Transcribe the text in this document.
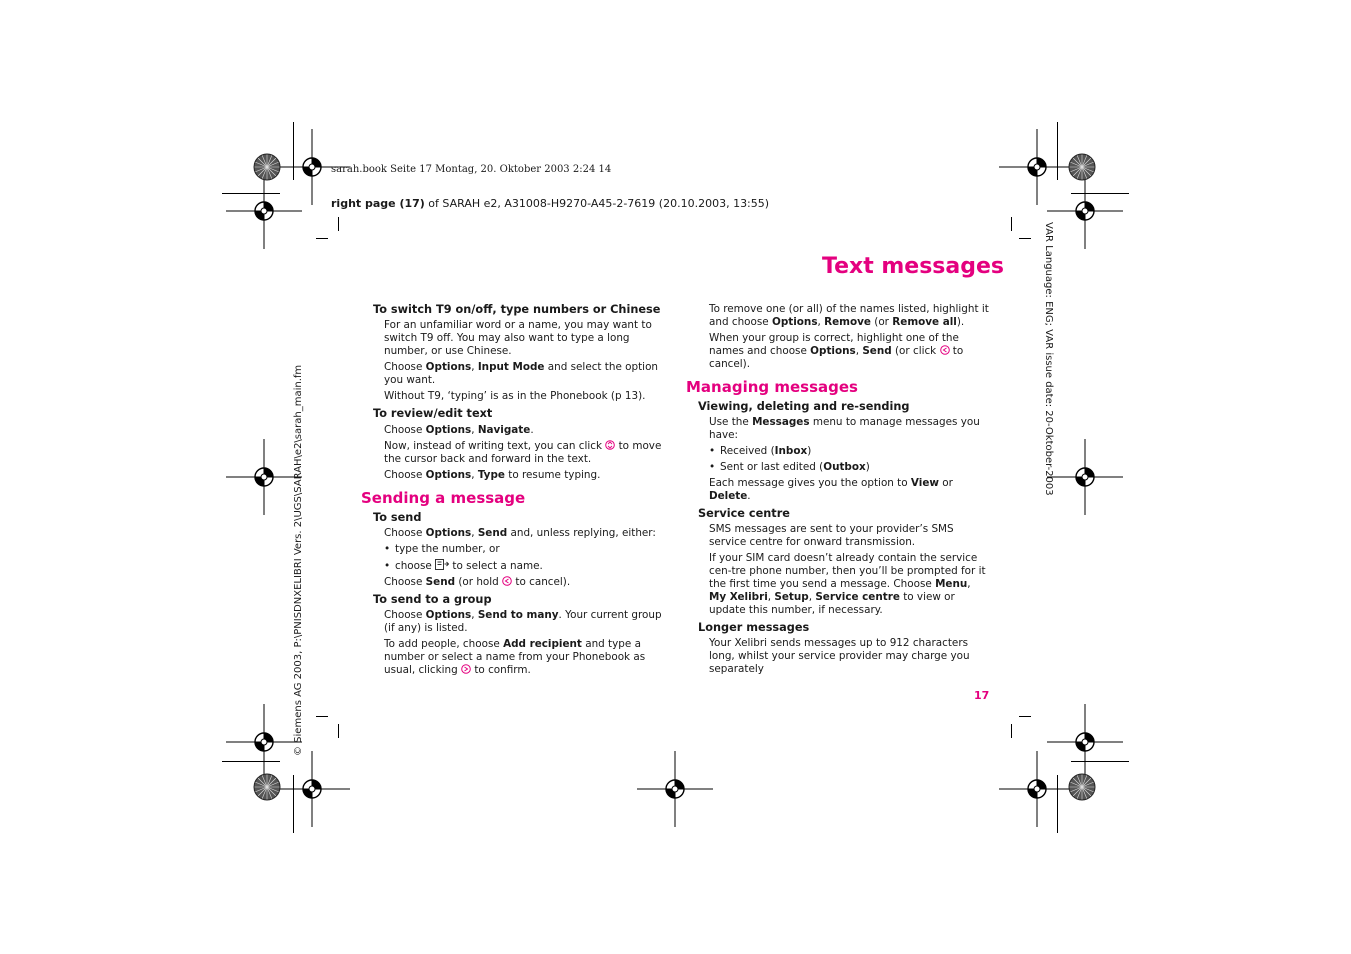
sarah.book Seite 17 Montag, 20. Oktober 2003 2:24 14
right page (17) of SARAH e2, A31008-H9270-A45-2-7619 (20.10.2003, 13:55)
© Siemens AG 2003, P:\PNISDNXELIBRI Vers. 2\UGS\SARAH\e2\sarah_main.fm
VAR Language: ENG; VAR issue date: 20-Oktober-2003
Text messages
To switch T9 on/off, type numbers or Chinese
For an unfamiliar word or a name, you may want to switch T9 off. You may also want to type a long number, or use Chinese.
Choose Options, Input Mode and select the option you want.
Without T9, ‘typing’ is as in the Phonebook (p 13).
To review/edit text
Choose Options, Navigate.
Now, instead of writing text, you can click  to move the cursor back and forward in the text.
Choose Options, Type to resume typing.
Sending a message
To send
Choose Options, Send and, unless replying, either:
• type the number, or
• choose  to select a name.
Choose Send (or hold  to cancel).
To send to a group
Choose Options, Send to many. Your current group (if any) is listed.
To add people, choose Add recipient and type a number or select a name from your Phonebook as usual, clicking  to confirm.
To remove one (or all) of the names listed, highlight it and choose Options, Remove (or Remove all).
When your group is correct, highlight one of the names and choose Options, Send (or click  to cancel).
Managing messages
Viewing, deleting and re-sending
Use the Messages menu to manage messages you have:
• Received (Inbox)
• Sent or last edited (Outbox)
Each message gives you the option to View or Delete.
Service centre
SMS messages are sent to your provider’s SMS service centre for onward transmission.
If your SIM card doesn’t already contain the service cen-tre phone number, then you’ll be prompted for it the first time you send a message. Choose Menu, My Xelibri, Setup, Service centre to view or update this number, if necessary.
Longer messages
Your Xelibri sends messages up to 912 characters long, whilst your service provider may charge you separately
17
